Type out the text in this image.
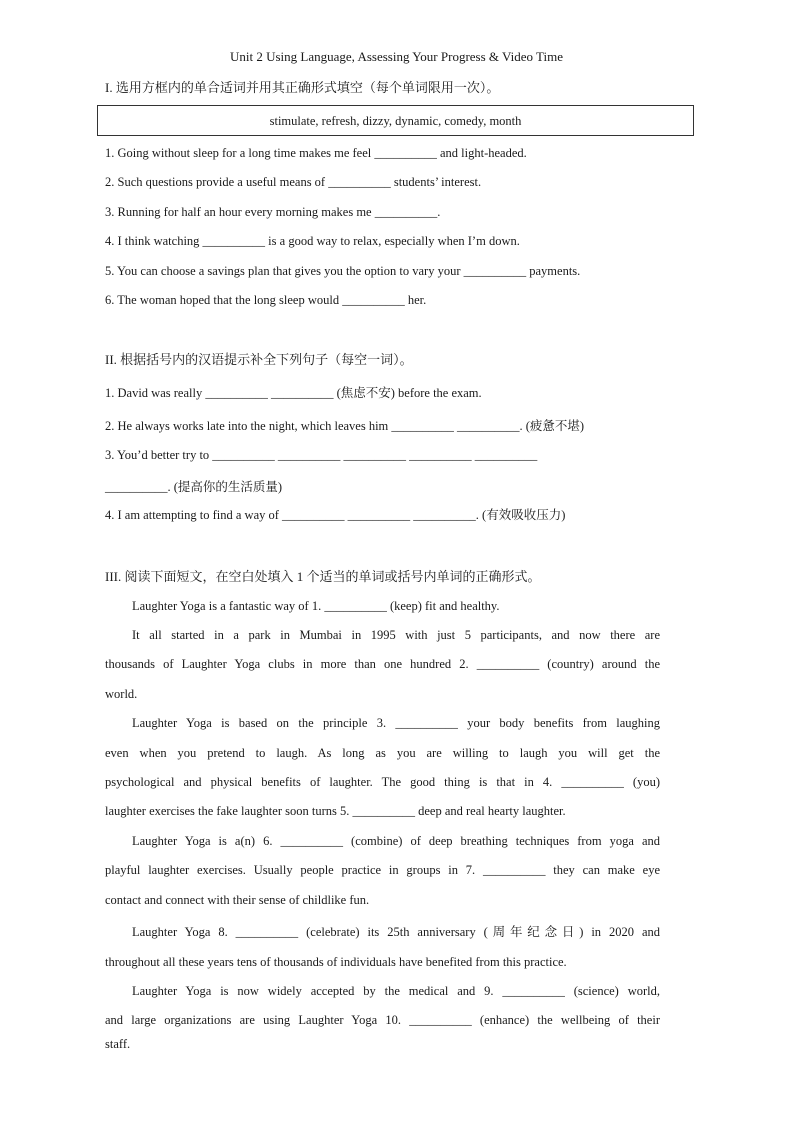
Unit 2 Using Language, Assessing Your Progress & Video Time
I. 选用方框内的单合适词并用其正确形式填空（每个单词限用一次）。
stimulate, refresh, dizzy, dynamic, comedy, month
1. Going without sleep for a long time makes me feel __________ and light-headed.
2. Such questions provide a useful means of __________ students’ interest.
3. Running for half an hour every morning makes me __________.
4. I think watching __________ is a good way to relax, especially when I’m down.
5. You can choose a savings plan that gives you the option to vary your __________ payments.
6. The woman hoped that the long sleep would __________ her.
II. 根据括号内的汉语提示补全下列句子（每空一词）。
1. David was really __________ __________ (焦虑不安) before the exam.
2. He always works late into the night, which leaves him __________ __________. (疲惫不堪)
3. You’d better try to __________ __________ __________ __________ __________
__________. (提高你的生活质量)
4. I am attempting to find a way of __________ __________ __________. (有效吸收压力)
III. 阅读下面短文，在空白处填入 1 个适当的单词或括号内单词的正确形式。
Laughter Yoga is a fantastic way of 1. __________ (keep) fit and healthy.
It all started in a park in Mumbai in 1995 with just 5 participants, and now there are
thousands of Laughter Yoga clubs in more than one hundred 2. __________ (country) around the
world.
Laughter Yoga is based on the principle 3. __________ your body benefits from laughing
even when you pretend to laugh. As long as you are willing to laugh you will get the
psychological and physical benefits of laughter. The good thing is that in 4. __________ (you)
laughter exercises the fake laughter soon turns 5. __________ deep and real hearty laughter.
Laughter Yoga is a(n) 6. __________ (combine) of deep breathing techniques from yoga and
playful laughter exercises. Usually people practice in groups in 7. __________ they can make eye
contact and connect with their sense of childlike fun.
Laughter Yoga 8. __________ (celebrate) its 25th anniversary (周年纪念日) in 2020 and
throughout all these years tens of thousands of individuals have benefited from this practice.
Laughter Yoga is now widely accepted by the medical and 9. __________ (science) world,
and large organizations are using Laughter Yoga 10. __________ (enhance) the wellbeing of their
staff.
